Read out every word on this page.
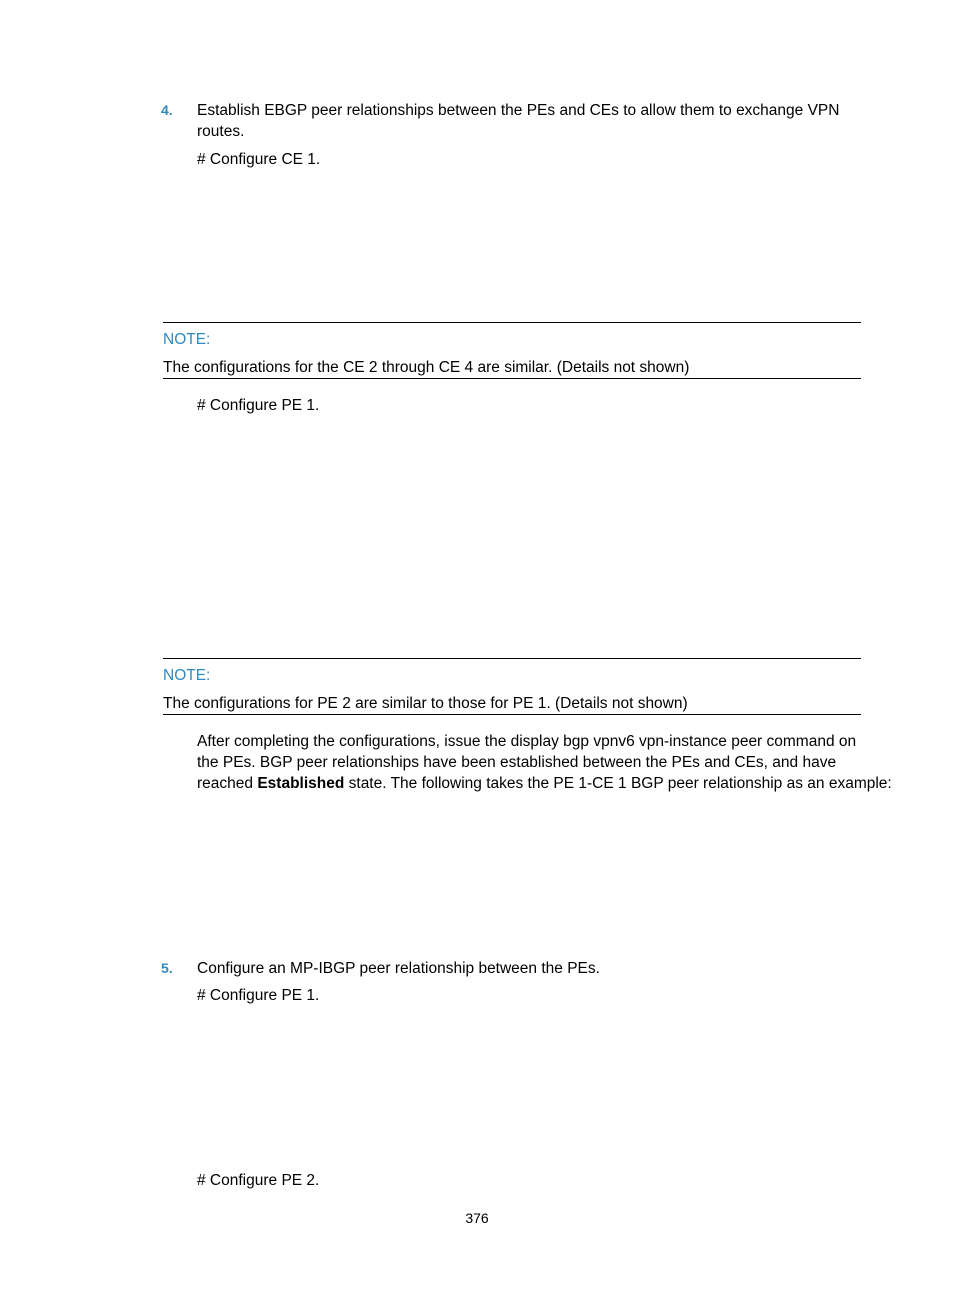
4. Establish EBGP peer relationships between the PEs and CEs to allow them to exchange VPN
routes.
# Configure CE 1.
NOTE:
The configurations for the CE 2 through CE 4 are similar. (Details not shown)
# Configure PE 1.
NOTE:
The configurations for PE 2 are similar to those for PE 1. (Details not shown)
After completing the configurations, issue the display bgp vpnv6 vpn-instance peer command on
the PEs. BGP peer relationships have been established between the PEs and CEs, and have
reached Established state. The following takes the PE 1-CE 1 BGP peer relationship as an example:
5. Configure an MP-IBGP peer relationship between the PEs.
# Configure PE 1.
# Configure PE 2.
376
